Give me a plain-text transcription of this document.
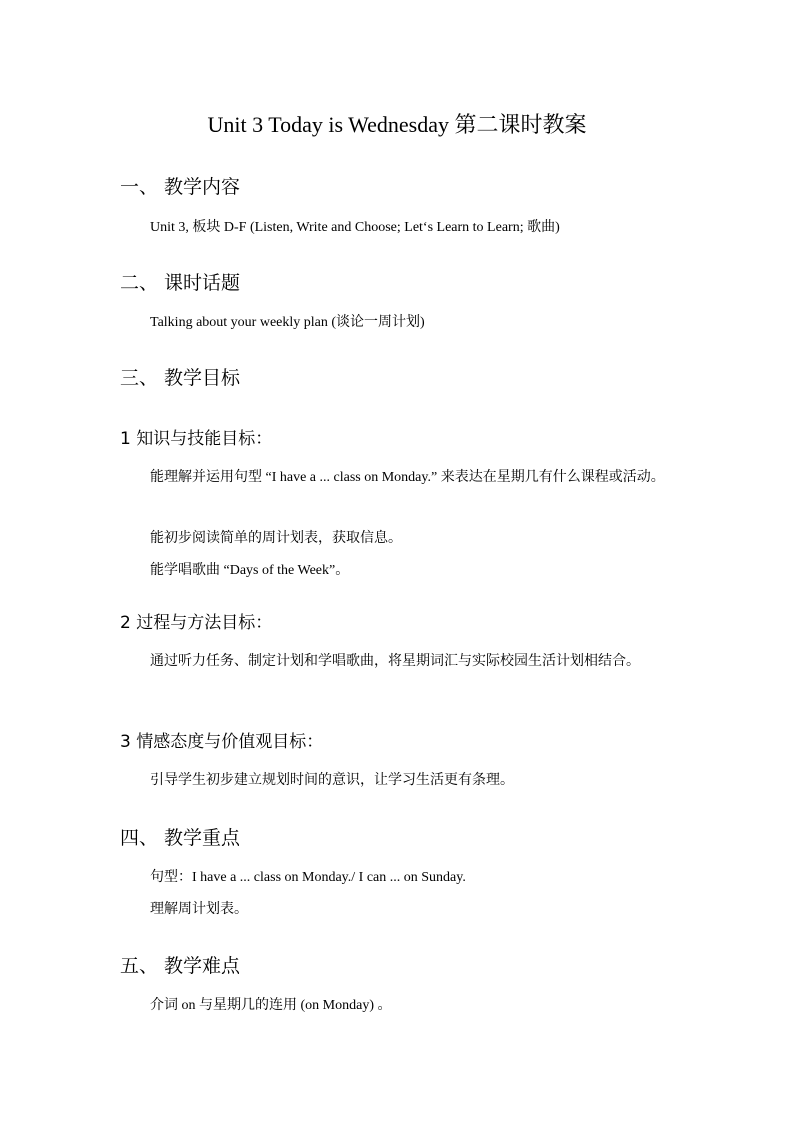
Unit 3 Today is Wednesday 第二课时教案
一、 教学内容
Unit 3, 板块 D-F (Listen, Write and Choose; Let‘s Learn to Learn; 歌曲)
二、 课时话题
Talking about your weekly plan (谈论一周计划)
三、 教学目标
1 知识与技能目标：
能理解并运用句型 “I have a ... class on Monday.” 来表达在星期几有什么课程或活动。
能初步阅读简单的周计划表，获取信息。
能学唱歌曲 “Days of the Week”。
2 过程与方法目标：
通过听力任务、制定计划和学唱歌曲，将星期词汇与实际校园生活计划相结合。
3 情感态度与价值观目标：
引导学生初步建立规划时间的意识，让学习生活更有条理。
四、 教学重点
句型：I have a ... class on Monday./ I can ... on Sunday.
理解周计划表。
五、 教学难点
介词 on 与星期几的连用 (on Monday) 。
